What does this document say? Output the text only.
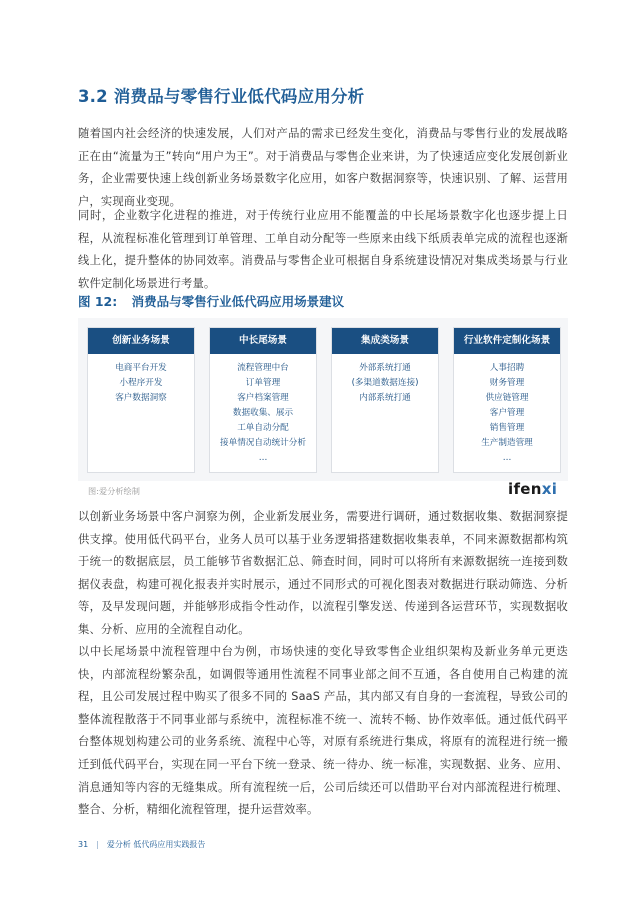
3.2 消费品与零售行业低代码应用分析

随着国内社会经济的快速发展，人们对产品的需求已经发生变化，消费品与零售行业的发展战略正在由“流量为王”转向“用户为王”。对于消费品与零售企业来讲，为了快速适应变化发展创新业务，企业需要快速上线创新业务场景数字化应用，如客户数据洞察等，快速识别、了解、运营用户，实现商业变现。

同时，企业数字化进程的推进，对于传统行业应用不能覆盖的中长尾场景数字化也逐步提上日程，从流程标准化管理到订单管理、工单自动分配等一些原来由线下纸质表单完成的流程也逐渐线上化，提升整体的协同效率。消费品与零售企业可根据自身系统建设情况对集成类场景与行业软件定制化场景进行考量。

图 12: 消费品与零售行业低代码应用场景建议
创新业务场景
电商平台开发
小程序开发
客户数据洞察
中长尾场景
流程管理中台
订单管理
客户档案管理
数据收集、展示
工单自动分配
接单情况自动统计分析
…
集成类场景
外部系统打通
(多渠道数据连接)
内部系统打通
行业软件定制化场景
人事招聘
财务管理
供应链管理
客户管理
销售管理
生产制造管理
…
图:爱分析绘制	ifenxi

以创新业务场景中客户洞察为例，企业新发展业务，需要进行调研，通过数据收集、数据洞察提供支撑。使用低代码平台，业务人员可以基于业务逻辑搭建数据收集表单，不同来源数据都构筑于统一的数据底层，员工能够节省数据汇总、筛查时间，同时可以将所有来源数据统一连接到数据仪表盘，构建可视化报表并实时展示，通过不同形式的可视化图表对数据进行联动筛选、分析等，及早发现问题，并能够形成指令性动作，以流程引擎发送、传递到各运营环节，实现数据收集、分析、应用的全流程自动化。

以中长尾场景中流程管理中台为例，市场快速的变化导致零售企业组织架构及新业务单元更迭快，内部流程纷繁杂乱，如调假等通用性流程不同事业部之间不互通，各自使用自己构建的流程，且公司发展过程中购买了很多不同的 SaaS 产品，其内部又有自身的一套流程，导致公司的整体流程散落于不同事业部与系统中，流程标准不统一、流转不畅、协作效率低。通过低代码平台整体规划构建公司的业务系统、流程中心等，对原有系统进行集成，将原有的流程进行统一搬迁到低代码平台，实现在同一平台下统一登录、统一待办、统一标准，实现数据、业务、应用、消息通知等内容的无缝集成。所有流程统一后，公司后续还可以借助平台对内部流程进行梳理、整合、分析，精细化流程管理，提升运营效率。

31 | 爱分析 低代码应用实践报告
